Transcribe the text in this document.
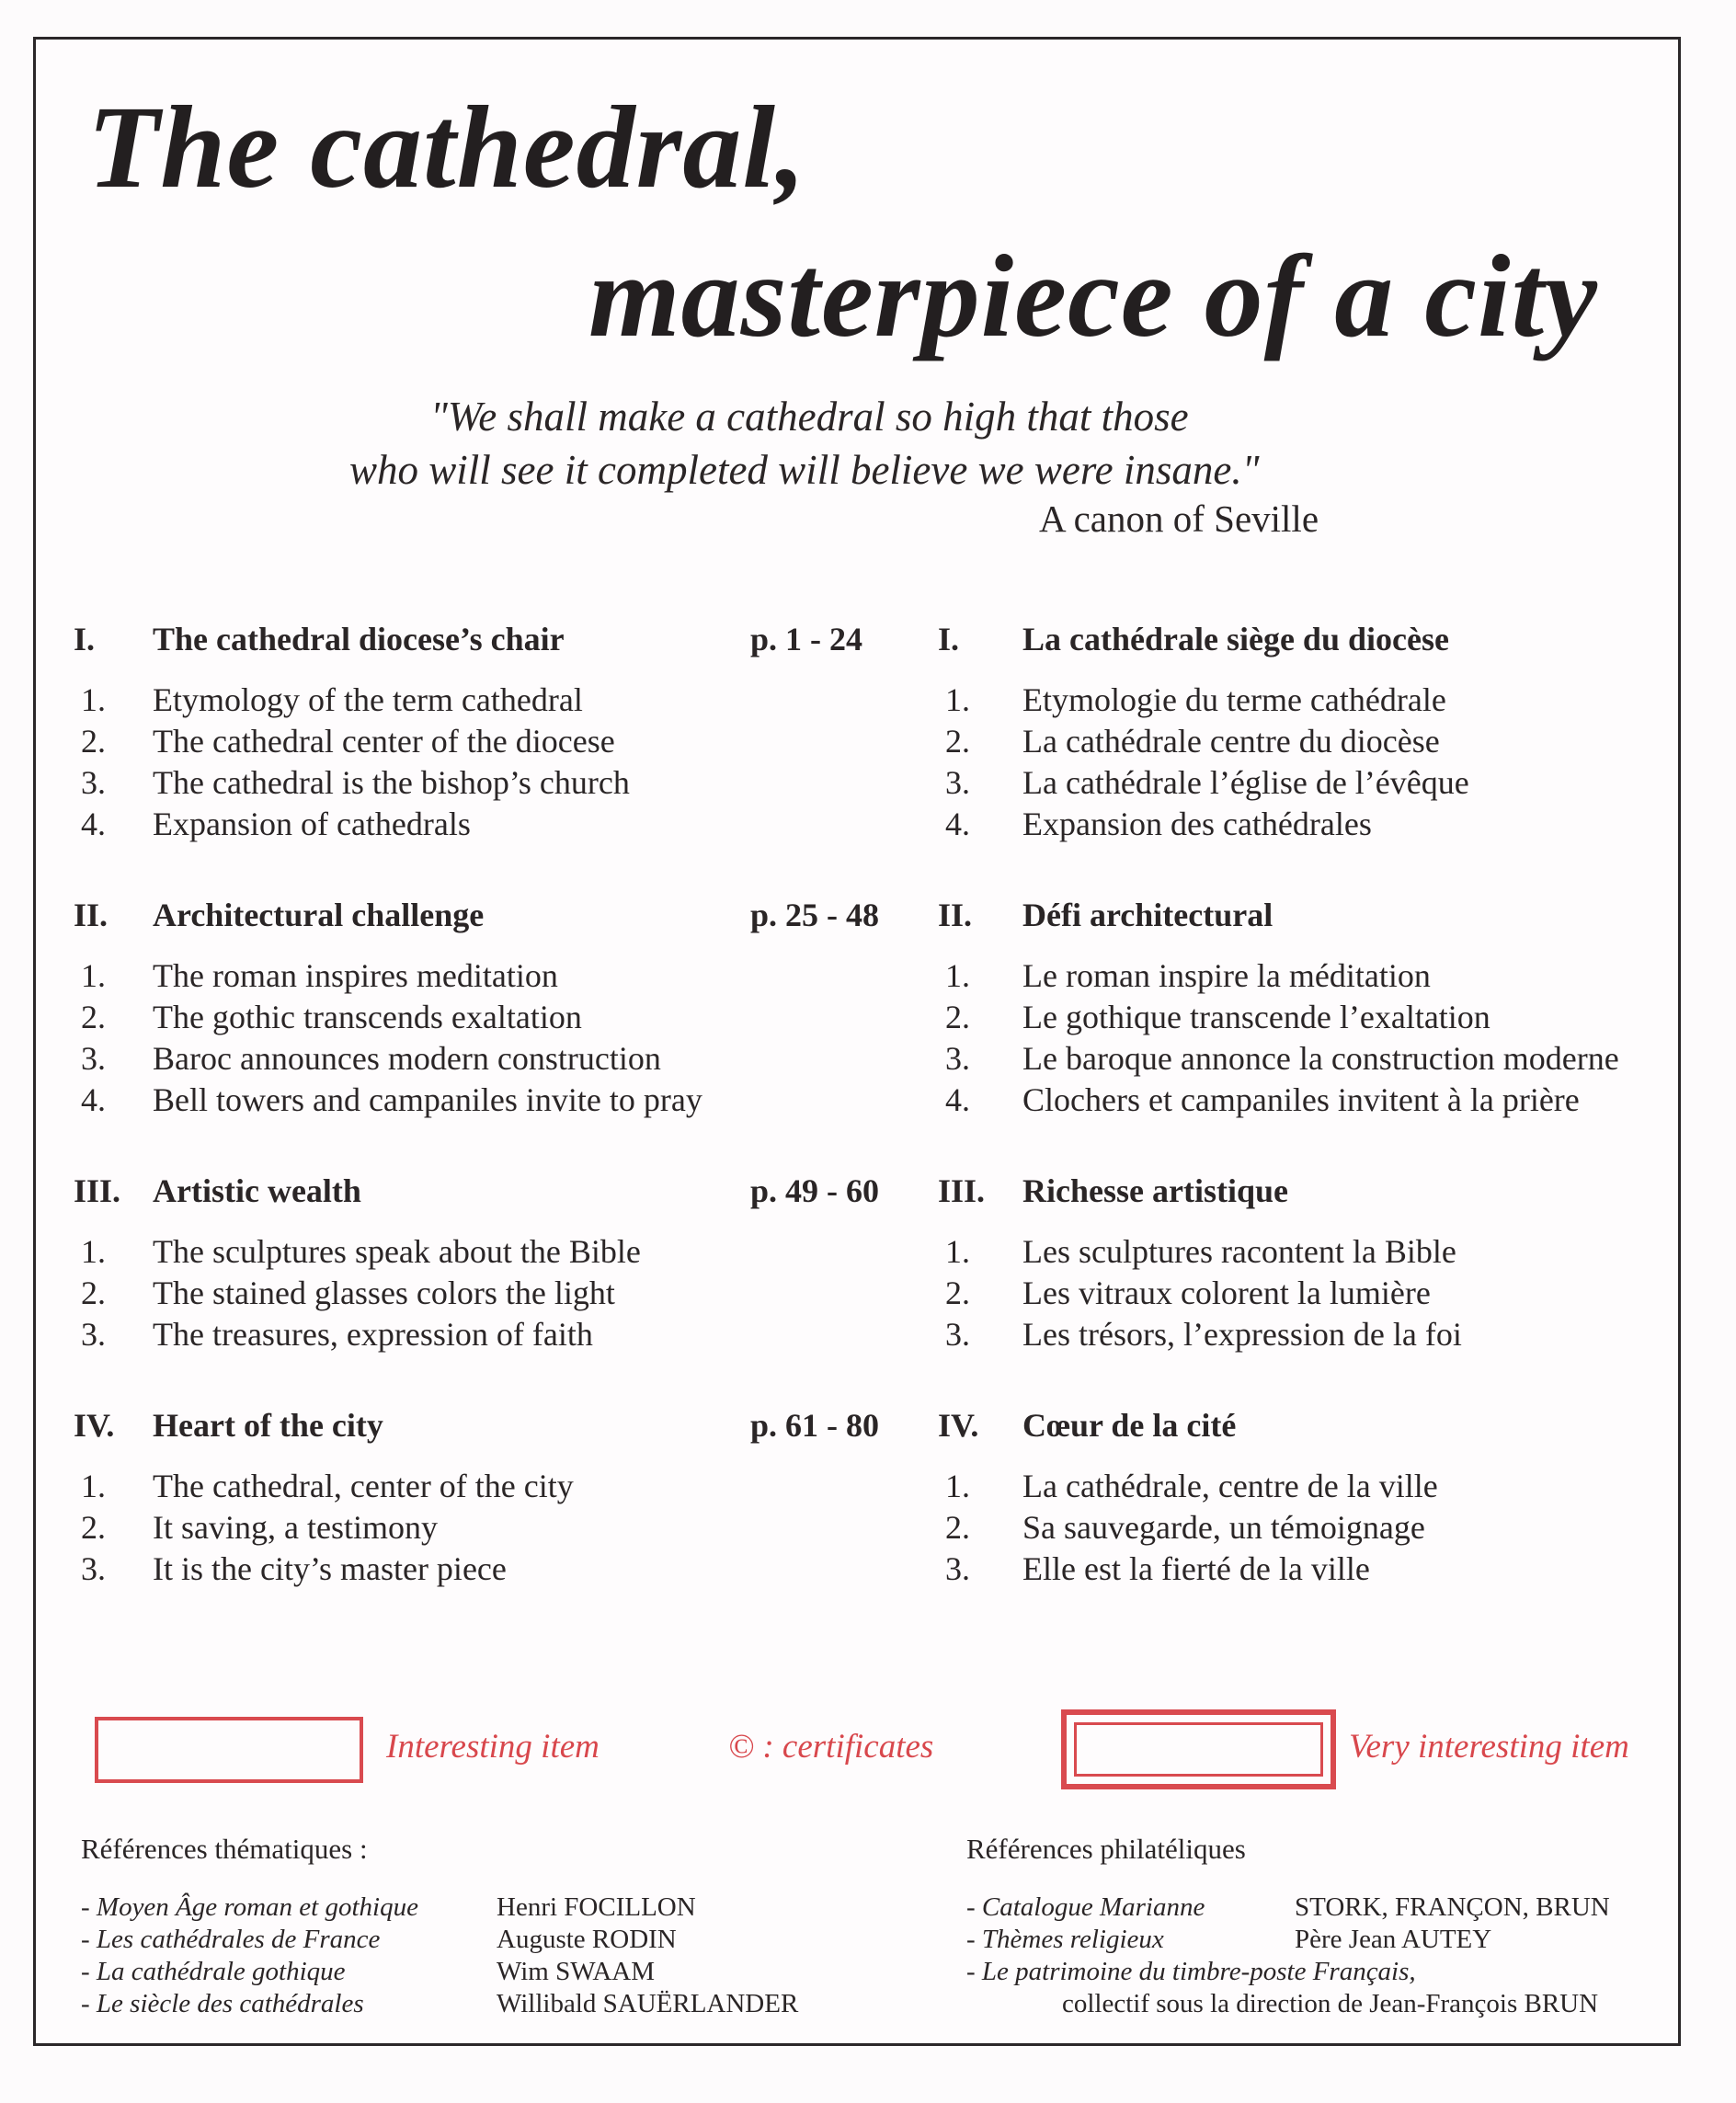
The cathedral,
masterpiece of a city
"We shall make a cathedral so high that those
who will see it completed will believe we were insane."
A canon of Seville
I. The cathedral diocese’s chair	p. 1 - 24
1. Etymology of the term cathedral
2. The cathedral center of the diocese
3. The cathedral is the bishop’s church
4. Expansion of cathedrals
II. Architectural challenge	p. 25 - 48
1. The roman inspires meditation
2. The gothic transcends exaltation
3. Baroc announces modern construction
4. Bell towers and campaniles invite to pray
III. Artistic wealth	p. 49 - 60
1. The sculptures speak about the Bible
2. The stained glasses colors the light
3. The treasures, expression of faith
IV. Heart of the city	p. 61 - 80
1. The cathedral, center of the city
2. It saving, a testimony
3. It is the city’s master piece
I. La cathédrale siège du diocèse
1. Etymologie du terme cathédrale
2. La cathédrale centre du diocèse
3. La cathédrale l’église de l’évêque
4. Expansion des cathédrales
II. Défi architectural
1. Le roman inspire la méditation
2. Le gothique transcende l’exaltation
3. Le baroque annonce la construction moderne
4. Clochers et campaniles invitent à la prière
III. Richesse artistique
1. Les sculptures racontent la Bible
2. Les vitraux colorent la lumière
3. Les trésors, l’expression de la foi
IV. Cœur de la cité
1. La cathédrale, centre de la ville
2. Sa sauvegarde, un témoignage
3. Elle est la fierté de la ville
Interesting item	© : certificates	Very interesting item
Références thématiques :
- Moyen Âge roman et gothique	Henri FOCILLON
- Les cathédrales de France	Auguste RODIN
- La cathédrale gothique	Wim SWAAM
- Le siècle des cathédrales	Willibald SAUËRLANDER
Références philatéliques
- Catalogue Marianne	STORK, FRANÇON, BRUN
- Thèmes religieux	Père Jean AUTEY
- Le patrimoine du timbre-poste Français,
collectif sous la direction de Jean-François BRUN
